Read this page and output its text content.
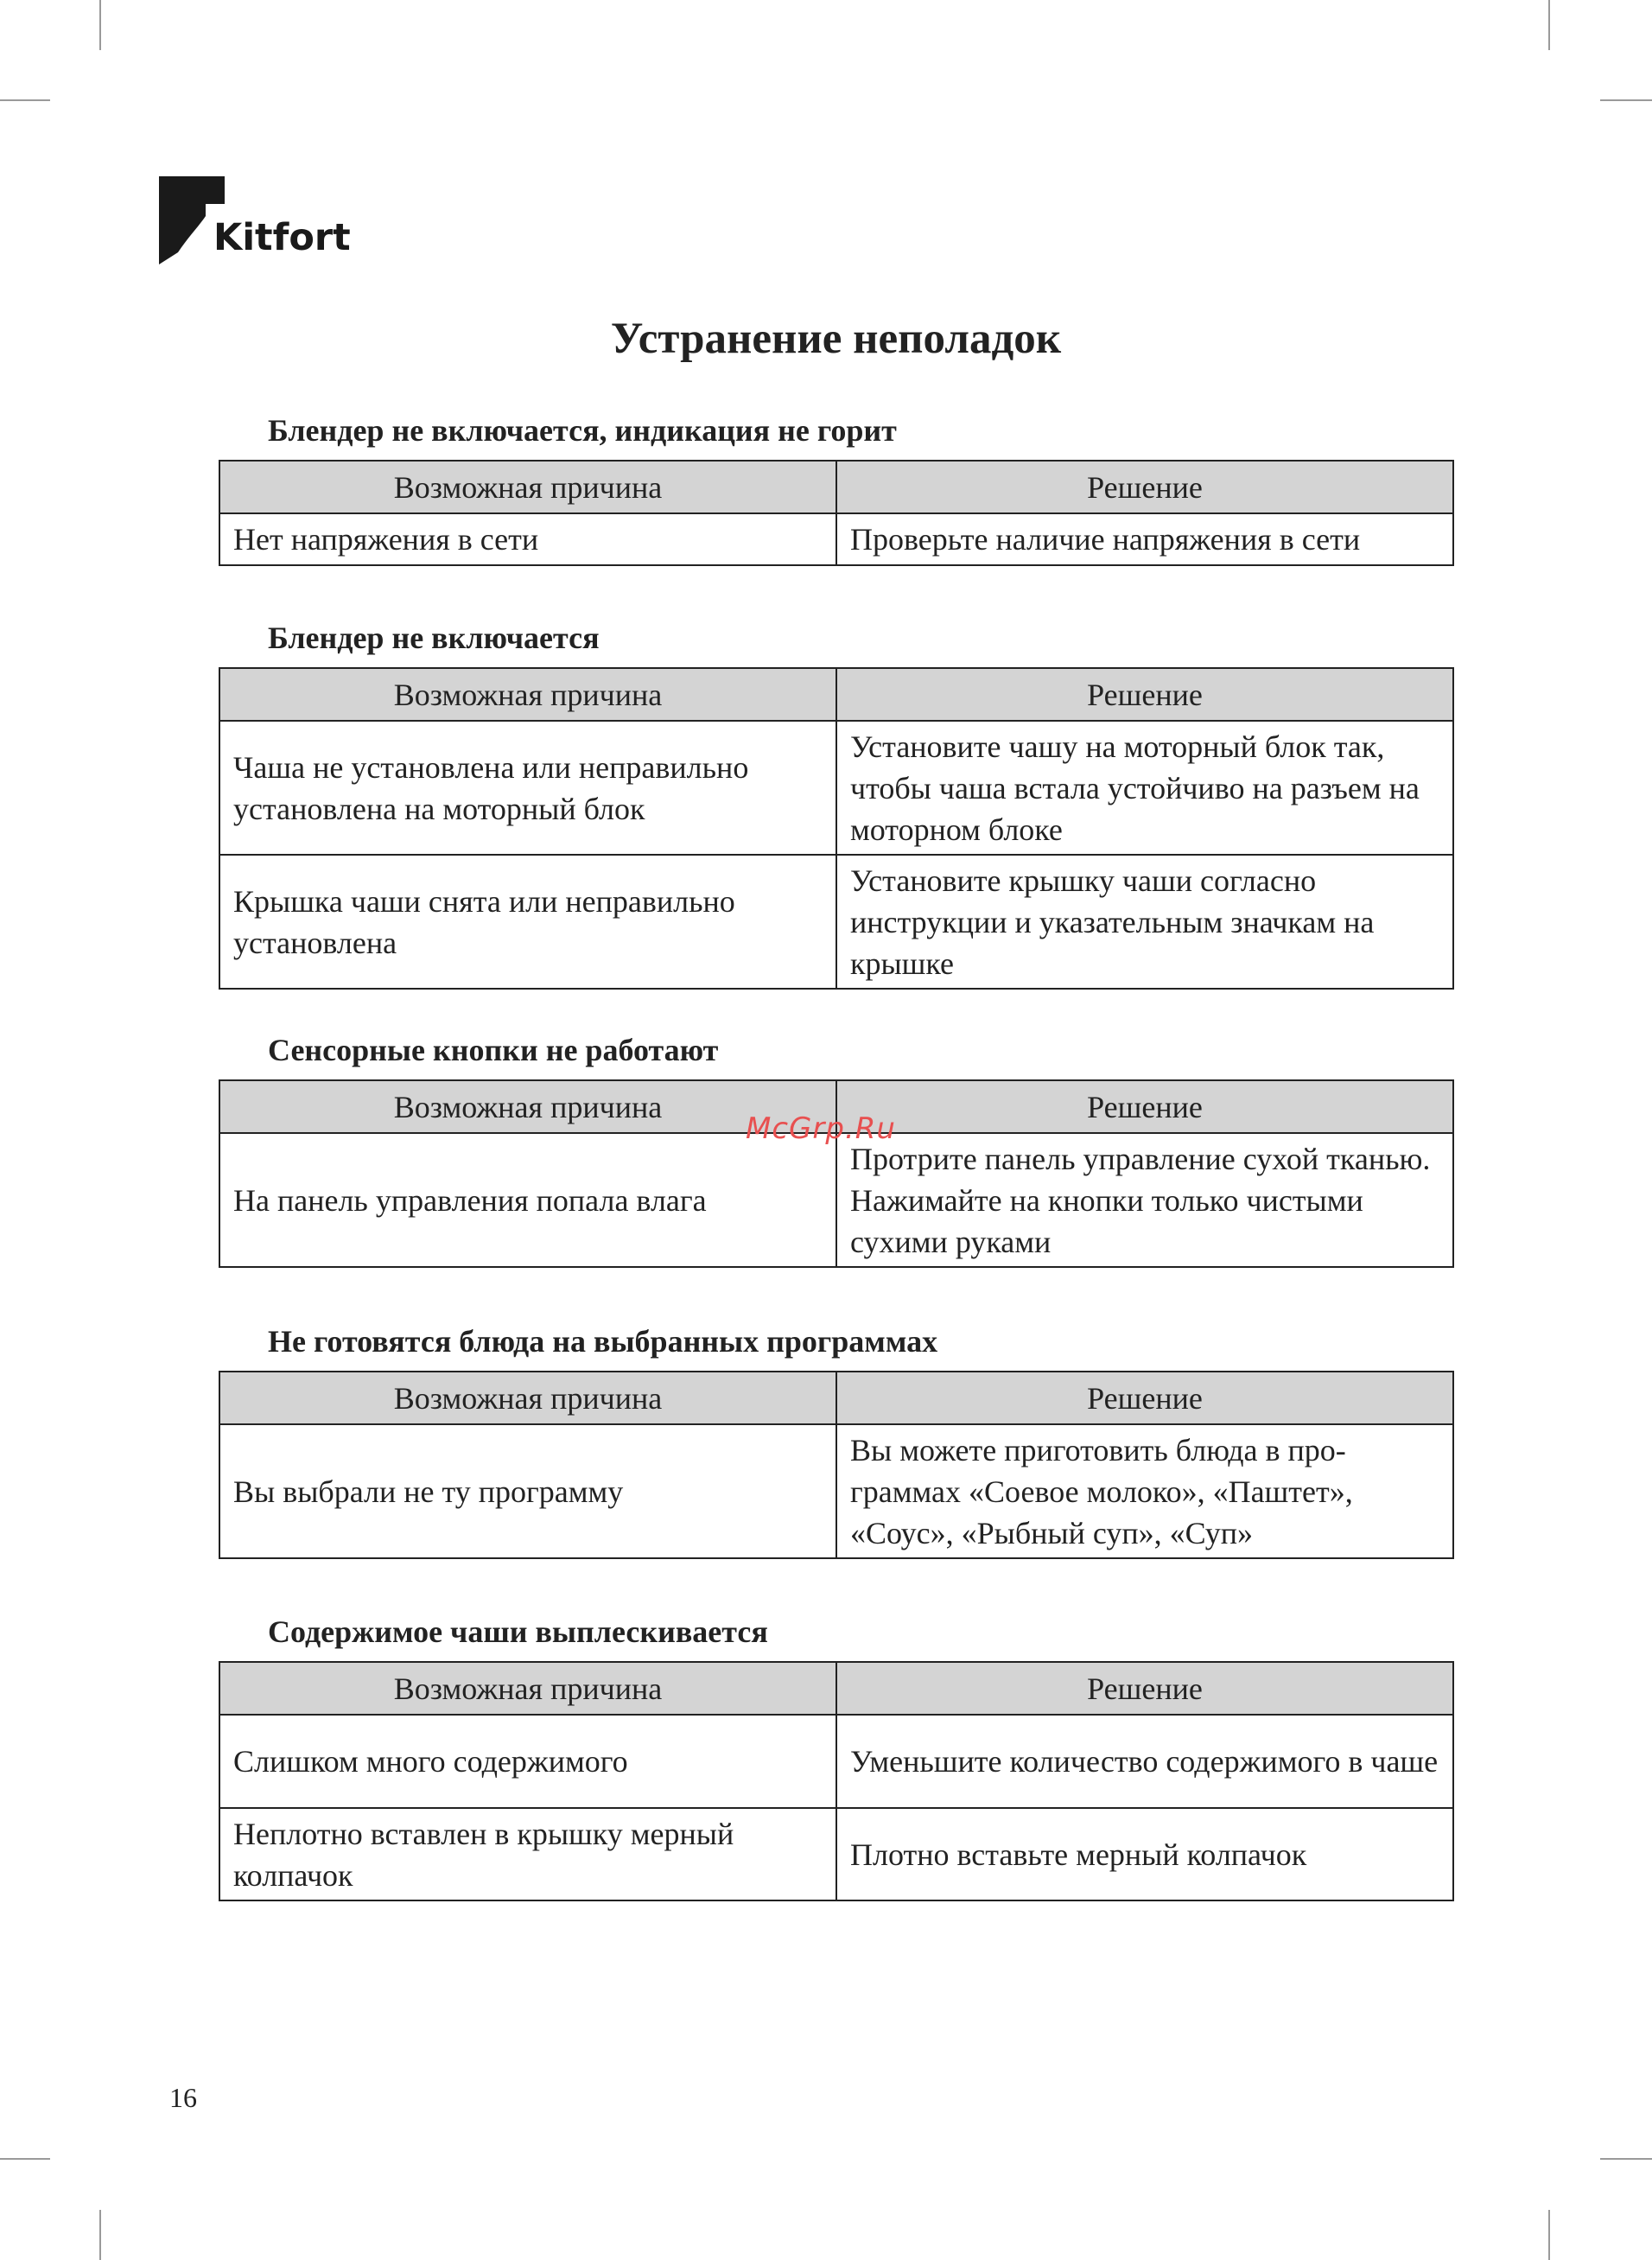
Kitfort
Устранение неполадок
Блендер не включается, индикация не горит
Возможная причина	Решение
Нет напряжения в сети	Проверьте наличие напряжения в сети
Блендер не включается
Возможная причина	Решение
Чаша не установлена или неправильно установлена на моторный блок	Установите чашу на моторный блок так, чтобы чаша встала устойчиво на разъем на моторном блоке
Крышка чаши снята или неправильно установлена	Установите крышку чаши согласно инструкции и указательным значкам на крышке
Сенсорные кнопки не работают
Возможная причина	Решение
На панель управления попала влага	Протрите панель управление сухой тканью. Нажимайте на кнопки только чистыми сухими руками
Не готовятся блюда на выбранных программах
Возможная причина	Решение
Вы выбрали не ту программу	Вы можете приготовить блюда в про-граммах «Соевое молоко», «Паштет», «Соус», «Рыбный суп», «Суп»
Содержимое чаши выплескивается
Возможная причина	Решение
Слишком много содержимого	Уменьшите количество содержимого в чаше
Неплотно вставлен в крышку мерный колпачок	Плотно вставьте мерный колпачок
McGrp.Ru
16
